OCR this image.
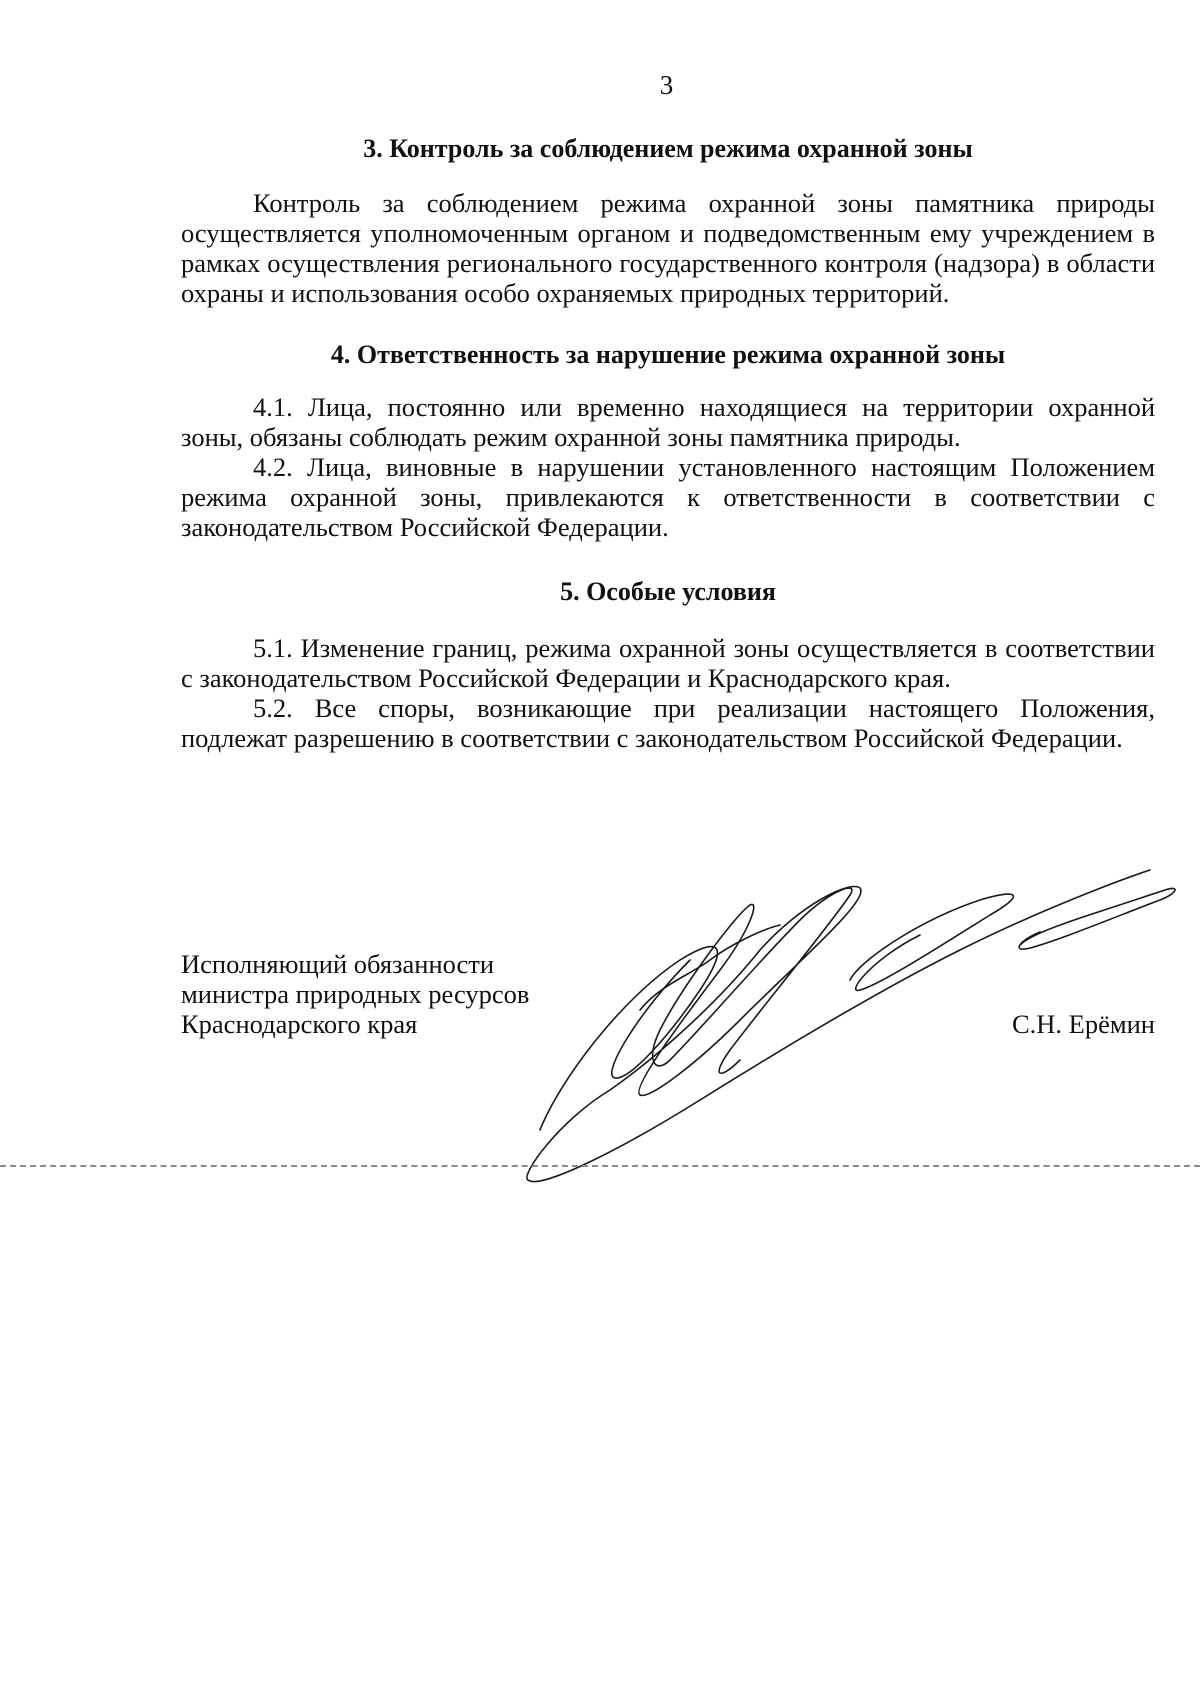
3
3. Контроль за соблюдением режима охранной зоны

Контроль за соблюдением режима охранной зоны памятника природы осуществляется уполномоченным органом и подведомственным ему учреждением в рамках осуществления регионального государственного контроля (надзора) в области охраны и использования особо охраняемых природных территорий.

4. Ответственность за нарушение режима охранной зоны

4.1. Лица, постоянно или временно находящиеся на территории охранной зоны, обязаны соблюдать режим охранной зоны памятника природы.

4.2. Лица, виновные в нарушении установленного настоящим Положением режима охранной зоны, привлекаются к ответственности в соответствии с законодательством Российской Федерации.

5. Особые условия

5.1. Изменение границ, режима охранной зоны осуществляется в соответствии с законодательством Российской Федерации и Краснодарского края.

5.2. Все споры, возникающие при реализации настоящего Положения, подлежат разрешению в соответствии с законодательством Российской Федерации.

Исполняющий обязанности
министра природных ресурсов
Краснодарского края	С.Н. Ерёмин
